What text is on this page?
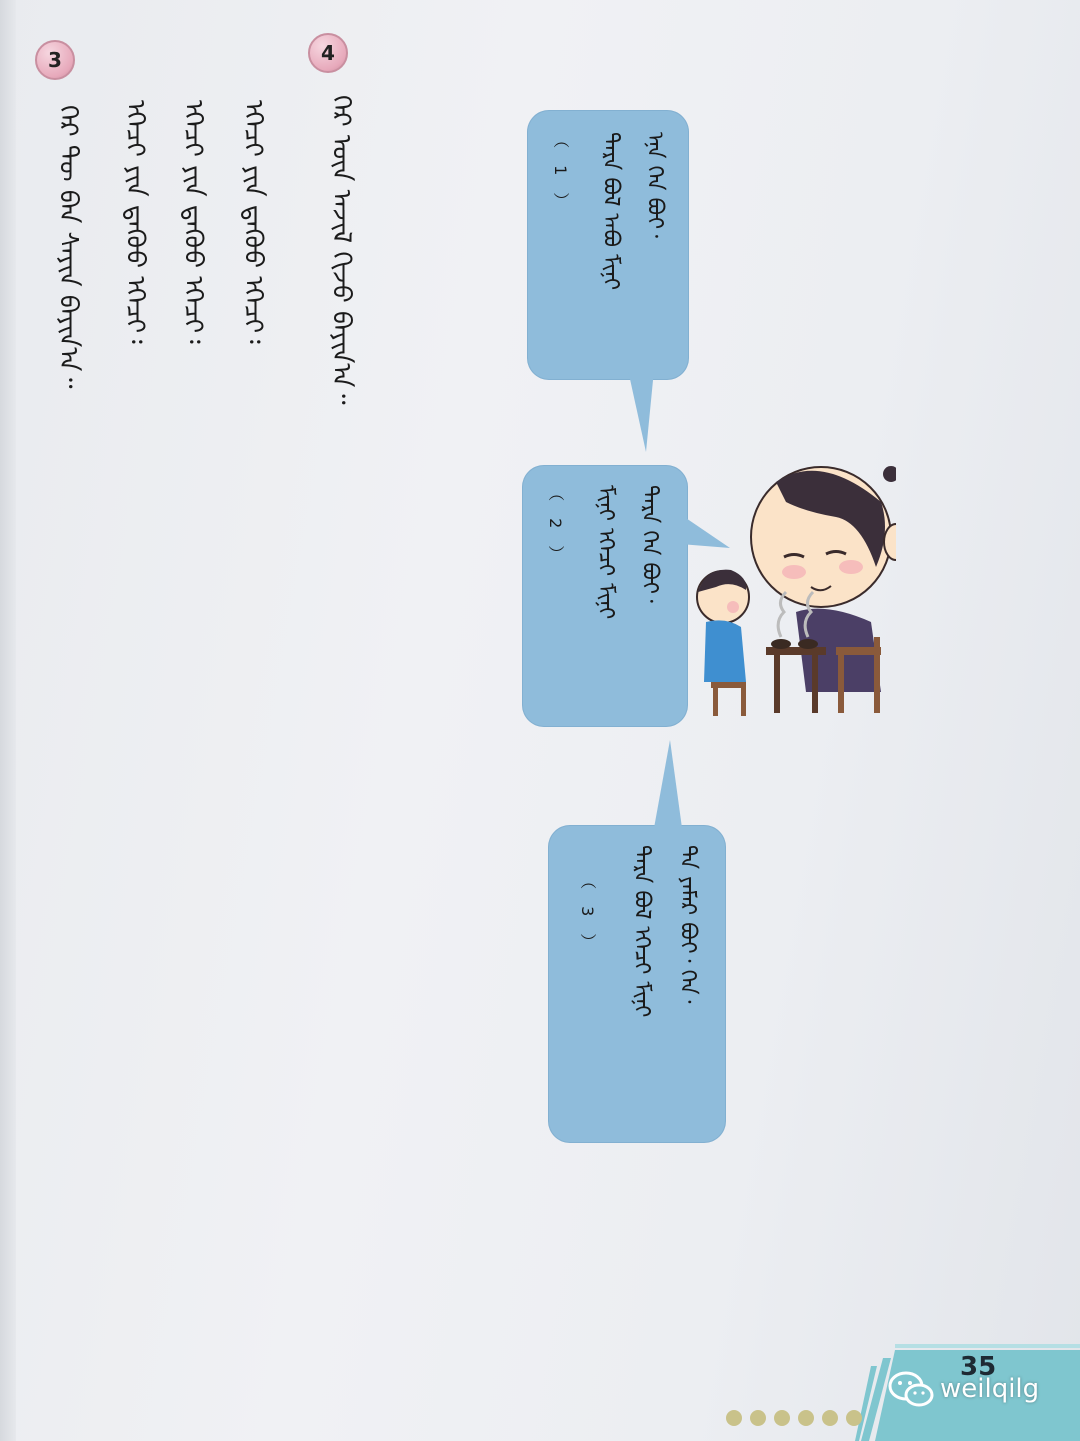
3
ᠭᠡᠷ ᠲᠦ ᠪᠠᠨ ᠰᠠᠶᠢᠨ ᠪᠠᠶᠢᠨ᠎ᠠ᠃
4
ᠭᠡᠷ ᠦᠨ ᠠᠵᠢᠯ ᠬᠢᠵᠦ ᠪᠠᠶᠢᠨ᠎ᠠ᠃
ᠡᠭᠡᠴᠢ ᠶᠢᠨ ᠳ᠋ᠡᠭᠦᠦ ᠡᠭᠡᠴᠢ᠄
ᠡᠭᠡᠴᠢ ᠶᠢᠨ ᠳ᠋ᠡᠭᠦᠦ ᠡᠭᠡᠴᠢ᠄
ᠡᠭᠡᠴᠢ ᠶᠢᠨ ᠳ᠋ᠡᠭᠦᠦ ᠡᠭᠡᠴᠢ᠄	ᠡᠨᠡ ᠬᠡᠨ ᠪᠤᠢ᠂
ᠲᠡᠷᠡ ᠪᠤᠯ ᠠᠪᠤ ᠮᠢᠨᠢ
（ 1 ）
ᠲᠡᠷᠡ ᠬᠡᠨ ᠪᠤᠢ᠂
ᠮᠢᠨᠢ ᠡᠭᠡᠴᠢ ᠮᠢᠨᠢ
（ 2 ）
ᠲᠠ ᠶᠠᠮᠠᠷ ᠪᠤᠢ᠂ ᠬᠡᠨ᠂
ᠲᠡᠷᠡ ᠪᠤᠯ ᠡᠭᠡᠴᠢ ᠮᠢᠨᠢ
（ 3 ）
35
weilqilg
